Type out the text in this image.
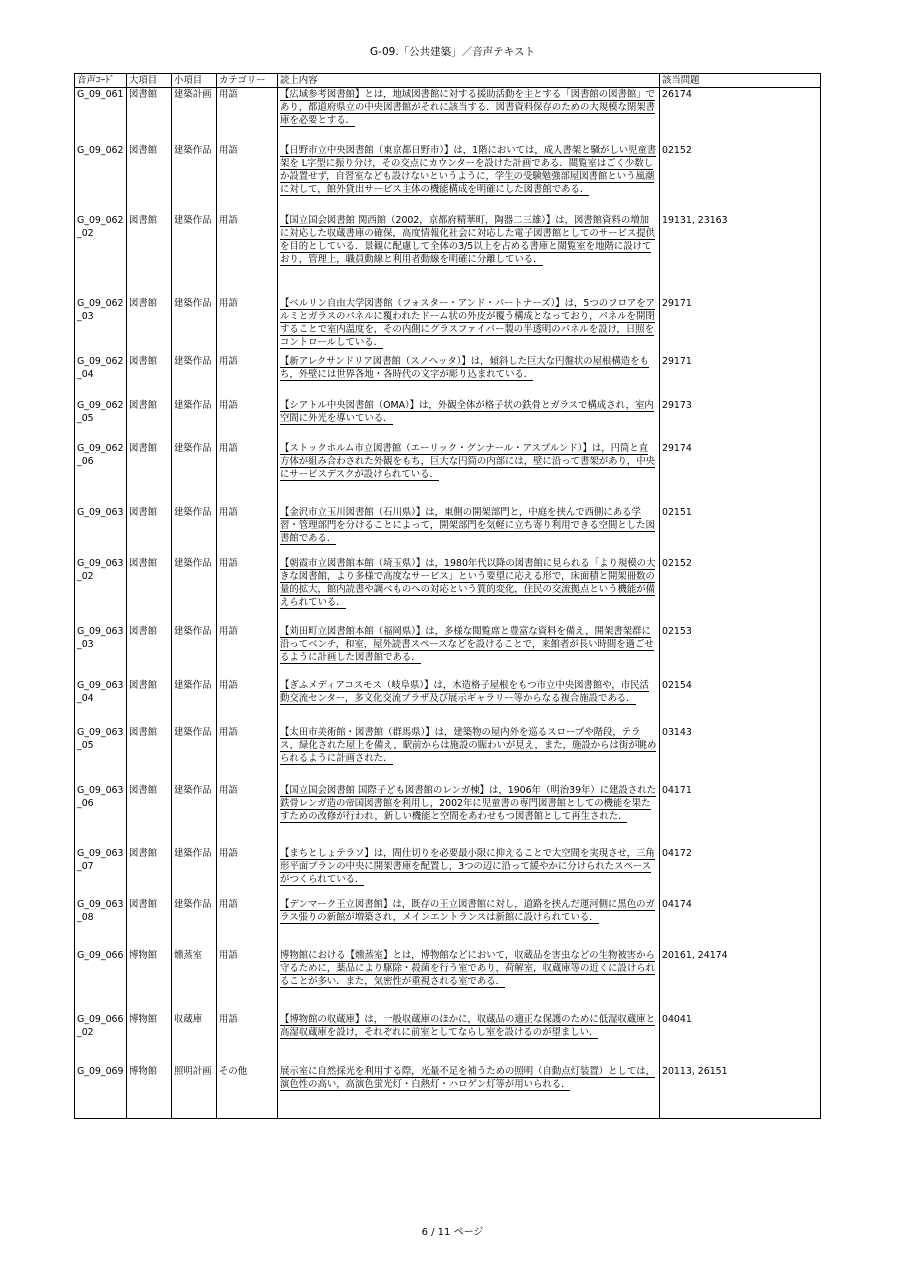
G-09.「公共建築」／音声テキスト
音声ｺｰﾄﾞ	大項目	小項目	カテゴリー	読上内容	該当問題
G_09_061	図書館	建築計画	用語	【広域参考図書館】とは，地域図書館に対する援助活動を主とする「図書館の図書館」であり，都道府県立の中央図書館がそれに該当する．図書資料保存のための大規模な閉架書庫を必要とする．	26174
G_09_062	図書館	建築作品	用語	【日野市立中央図書館（東京都日野市）】は，1階においては，成人書架と騒がしい児童書架を L字型に振り分け，その交点にカウンターを設けた計画である．閲覧室はごく少数しか設置せず，自習室なども設けないというように，学生の受験勉強部屋図書館という風潮に対して，館外貸出サービス主体の機能構成を明確にした図書館である．	02152
G_09_062_02	図書館	建築作品	用語	【国立国会図書館 関西館（2002，京都府精華町，陶器二三雄）】は，図書館資料の増加に対応した収蔵書庫の確保，高度情報化社会に対応した電子図書館としてのサービス提供を目的としている．景観に配慮して全体の3/5以上を占める書庫と閲覧室を地階に設けており，管理上，職員動線と利用者動線を明確に分離している．	19131, 23163
G_09_062_03	図書館	建築作品	用語	【ベルリン自由大学図書館（フォスター・アンド・パートナーズ）】は，5つのフロアをアルミとガラスのパネルに覆われたドーム状の外皮が覆う構成となっており，パネルを開閉することで室内温度を，その内側にグラスファイバー製の半透明のパネルを設け，日照をコントロールしている．	29171
G_09_062_04	図書館	建築作品	用語	【新アレクサンドリア図書館（スノヘッタ）】は，傾斜した巨大な円盤状の屋根構造をもち，外壁には世界各地・各時代の文字が彫り込まれている．	29171
G_09_062_05	図書館	建築作品	用語	【シアトル中央図書館（OMA）】は，外観全体が格子状の鉄骨とガラスで構成され，室内空間に外光を導いている．	29173
G_09_062_06	図書館	建築作品	用語	【ストックホルム市立図書館（エーリック・グンナール・アスプルンド）】は，円筒と直方体が組み合わされた外観をもち，巨大な円筒の内部には，壁に沿って書架があり，中央にサービスデスクが設けられている．	29174
G_09_063	図書館	建築作品	用語	【金沢市立玉川図書館（石川県）】は，東側の開架部門と，中庭を挟んで西側にある学習・管理部門を分けることによって，開架部門を気軽に立ち寄り利用できる空間とした図書館である．	02151
G_09_063_02	図書館	建築作品	用語	【朝霞市立図書館本館（埼玉県）】は，1980年代以降の図書館に見られる「より規模の大きな図書館，より多様で高度なサービス」という要望に応える形で，床面積と開架冊数の量的拡大，館内読書や調べものへの対応という質的変化，住民の交流拠点という機能が備えられている．	02152
G_09_063_03	図書館	建築作品	用語	【苅田町立図書館本館（福岡県）】は，多様な閲覧席と豊富な資料を備え，開架書架群に沿ってベンチ，和室，屋外読書スペースなどを設けることで，来館者が長い時間を過ごせるように計画した図書館である．	02153
G_09_063_04	図書館	建築作品	用語	【ぎふメディアコスモス（岐阜県）】は，木造格子屋根をもつ市立中央図書館や，市民活動交流センター，多文化交流プラザ及び展示ギャラリー等からなる複合施設である．	02154
G_09_063_05	図書館	建築作品	用語	【太田市美術館・図書館（群馬県）】は，建築物の屋内外を巡るスロープや階段，テラス，緑化された屋上を備え，駅前からは施設の賑わいが見え，また，施設からは街が眺められるように計画された．	03143
G_09_063_06	図書館	建築作品	用語	【国立国会図書館 国際子ども図書館のレンガ棟】は，1906年（明治39年）に建設された鉄骨レンガ造の帝国図書館を利用し，2002年に児童書の専門図書館としての機能を果たすための改修が行われ，新しい機能と空間をあわせもつ図書館として再生された．	04171
G_09_063_07	図書館	建築作品	用語	【まちとしょテラソ】は，間仕切りを必要最小限に抑えることで大空間を実現させ，三角形平面プランの中央に開架書庫を配置し，3つの辺に沿って緩やかに分けられたスペースがつくられている．	04172
G_09_063_08	図書館	建築作品	用語	【デンマーク王立図書館】は，既存の王立図書館に対し，道路を挟んだ運河側に黒色のガラス張りの新館が増築され，メインエントランスは新館に設けられている．	04174
G_09_066	博物館	燻蒸室	用語	博物館における【燻蒸室】とは，博物館などにおいて，収蔵品を害虫などの生物被害から守るために，薬品により駆除・殺菌を行う室であり，荷解室，収蔵庫等の近くに設けられることが多い．また，気密性が重視される室である．	20161, 24174
G_09_066_02	博物館	収蔵庫	用語	【博物館の収蔵庫】は，一般収蔵庫のほかに，収蔵品の適正な保護のために低湿収蔵庫と高湿収蔵庫を設け，それぞれに前室としてならし室を設けるのが望ましい．	04041
G_09_069	博物館	照明計画	その他	展示室に自然採光を利用する際，光量不足を補うための照明（自動点灯装置）としては，演色性の高い，高演色蛍光灯・白熱灯・ハロゲン灯等が用いられる．	20113, 26151
6 / 11 ページ
